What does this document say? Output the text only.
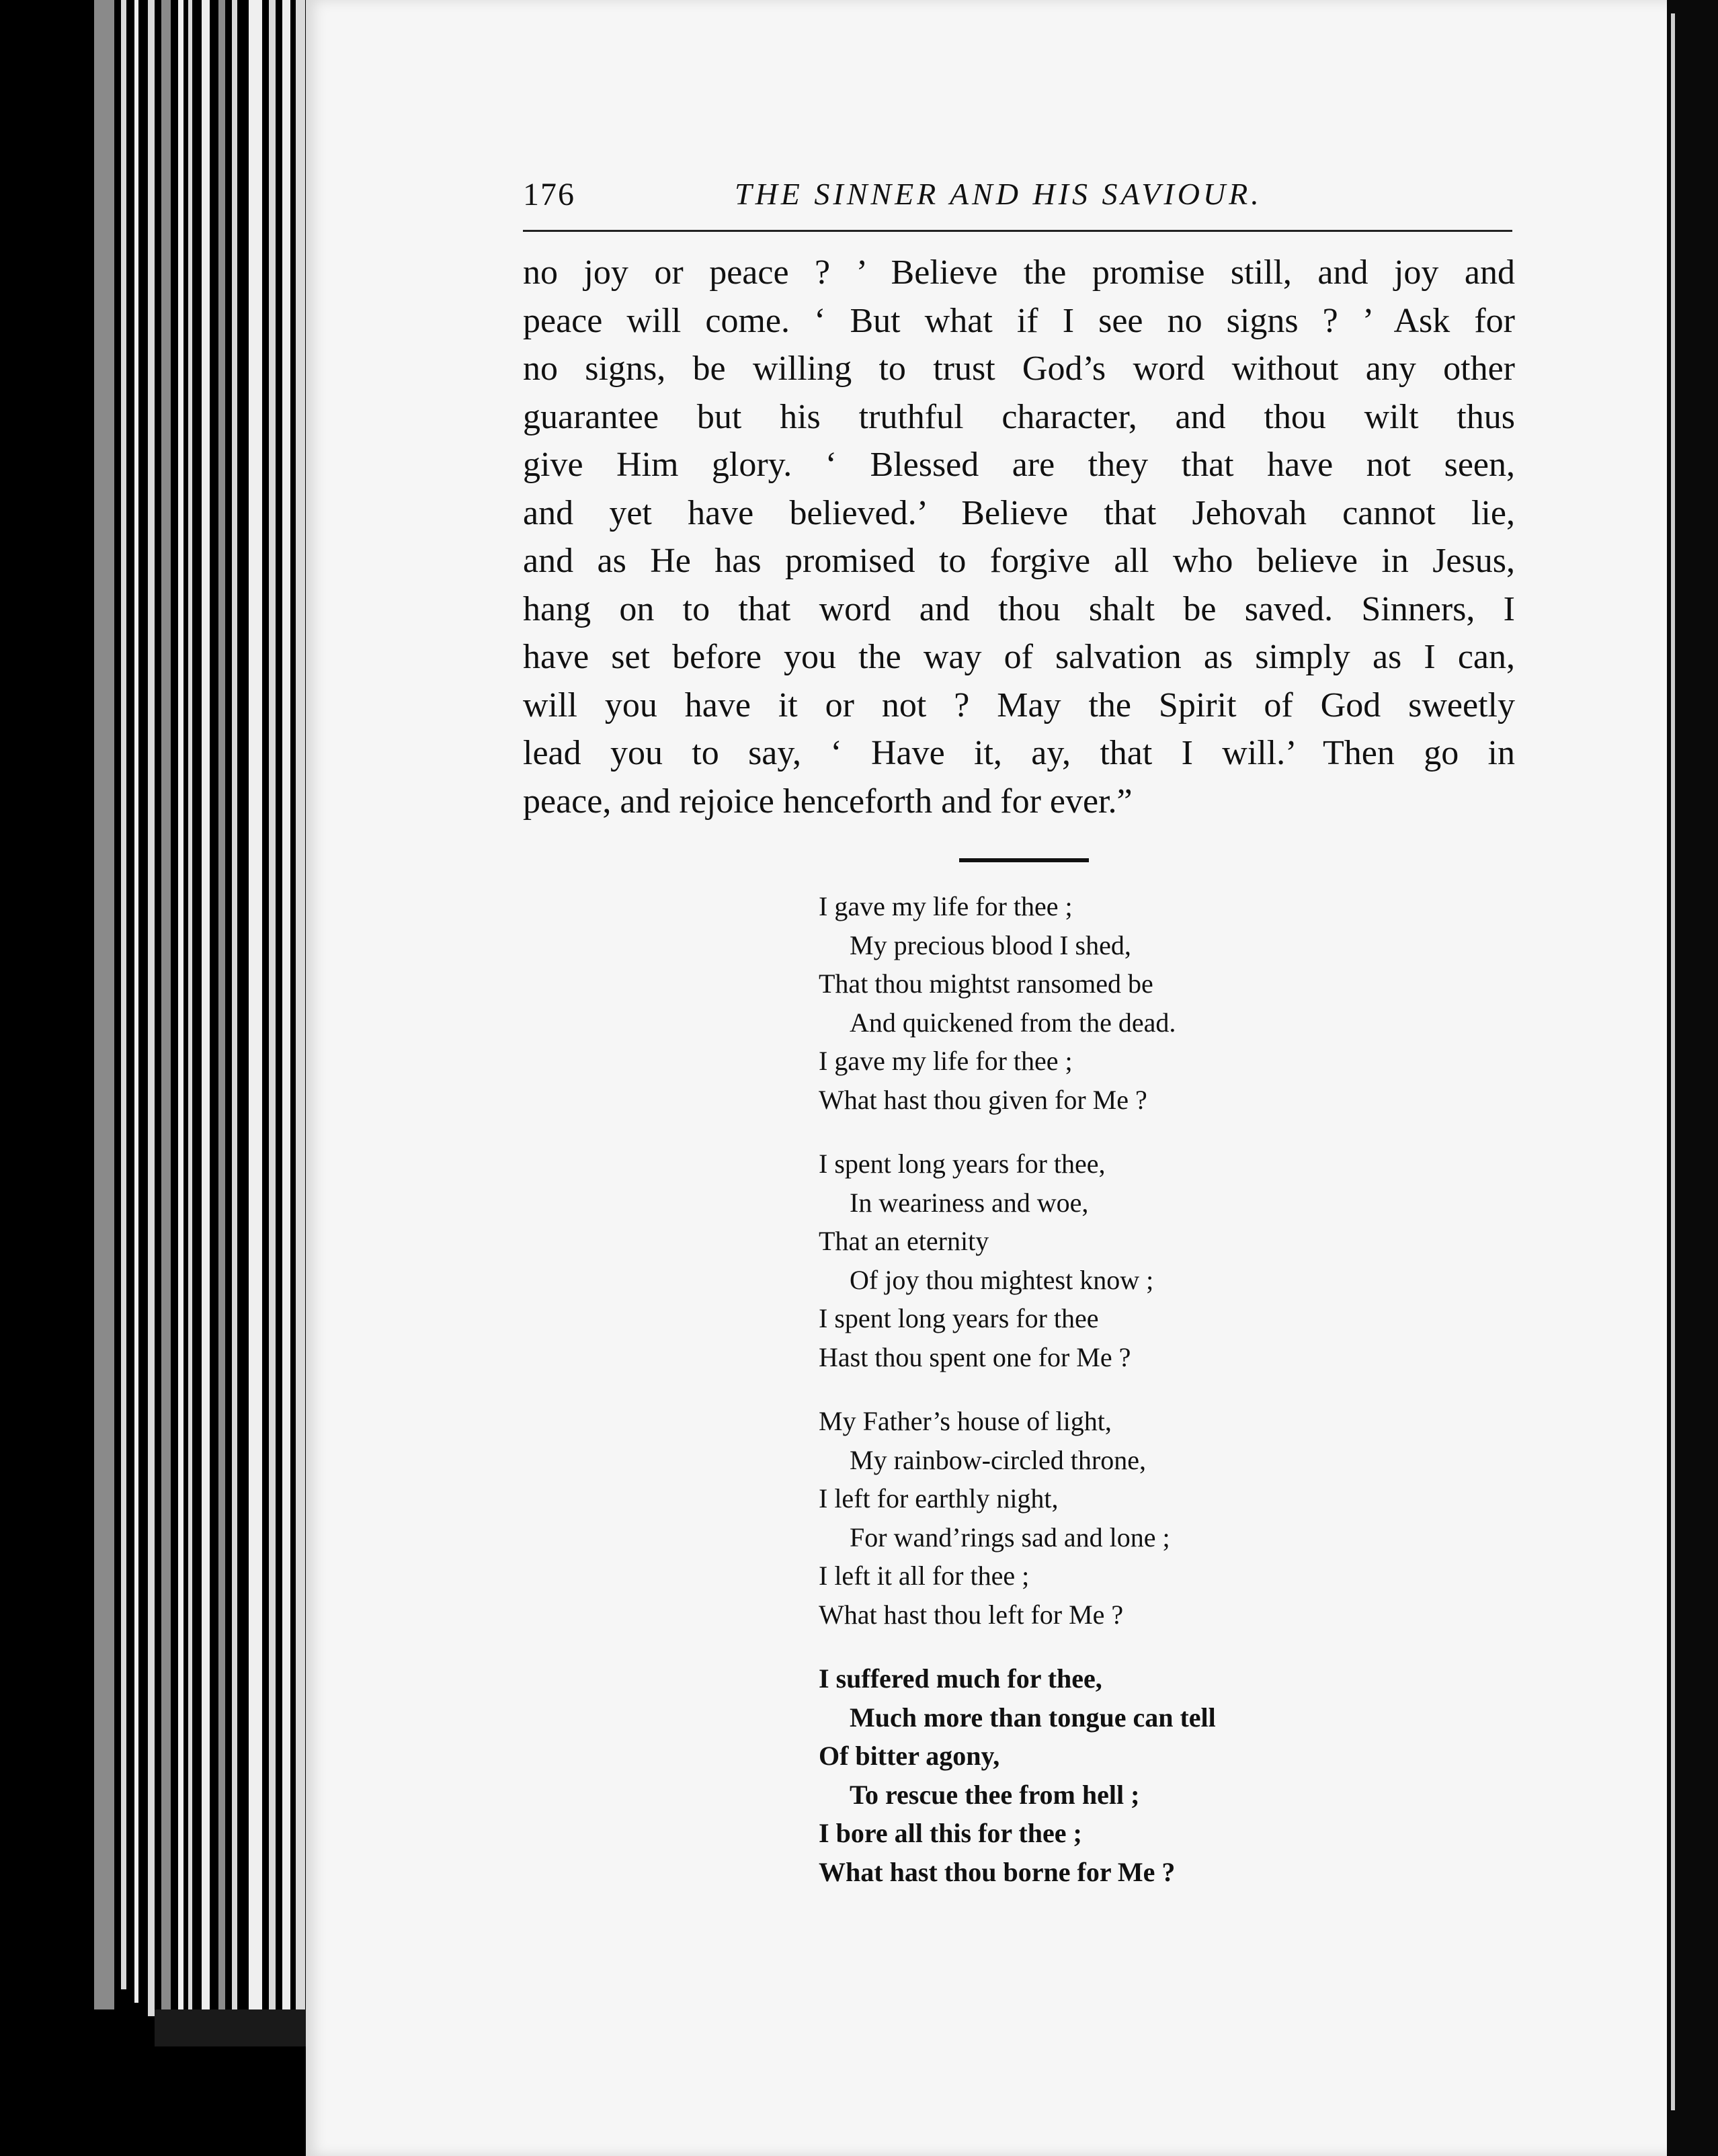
176	THE SINNER AND HIS SAVIOUR.
no joy or peace ? ’ Believe the promise still, and joy and
peace will come. ‘ But what if I see no signs ? ’ Ask for
no signs, be willing to trust God’s word without any other
guarantee but his truthful character, and thou wilt thus
give Him glory. ‘ Blessed are they that have not seen,
and yet have believed.’ Believe that Jehovah cannot lie,
and as He has promised to forgive all who believe in Jesus,
hang on to that word and thou shalt be saved. Sinners, I
have set before you the way of salvation as simply as I can,
will you have it or not ? May the Spirit of God sweetly
lead you to say, ‘ Have it, ay, that I will.’ Then go in
peace, and rejoice henceforth and for ever.”
I gave my life for thee ;
My precious blood I shed,
That thou mightst ransomed be
And quickened from the dead.
I gave my life for thee ;
What hast thou given for Me ?
I spent long years for thee,
In weariness and woe,
That an eternity
Of joy thou mightest know ;
I spent long years for thee
Hast thou spent one for Me ?
My Father’s house of light,
My rainbow-circled throne,
I left for earthly night,
For wand’rings sad and lone ;
I left it all for thee ;
What hast thou left for Me ?
I suffered much for thee,
Much more than tongue can tell
Of bitter agony,
To rescue thee from hell ;
I bore all this for thee ;
What hast thou borne for Me ?
